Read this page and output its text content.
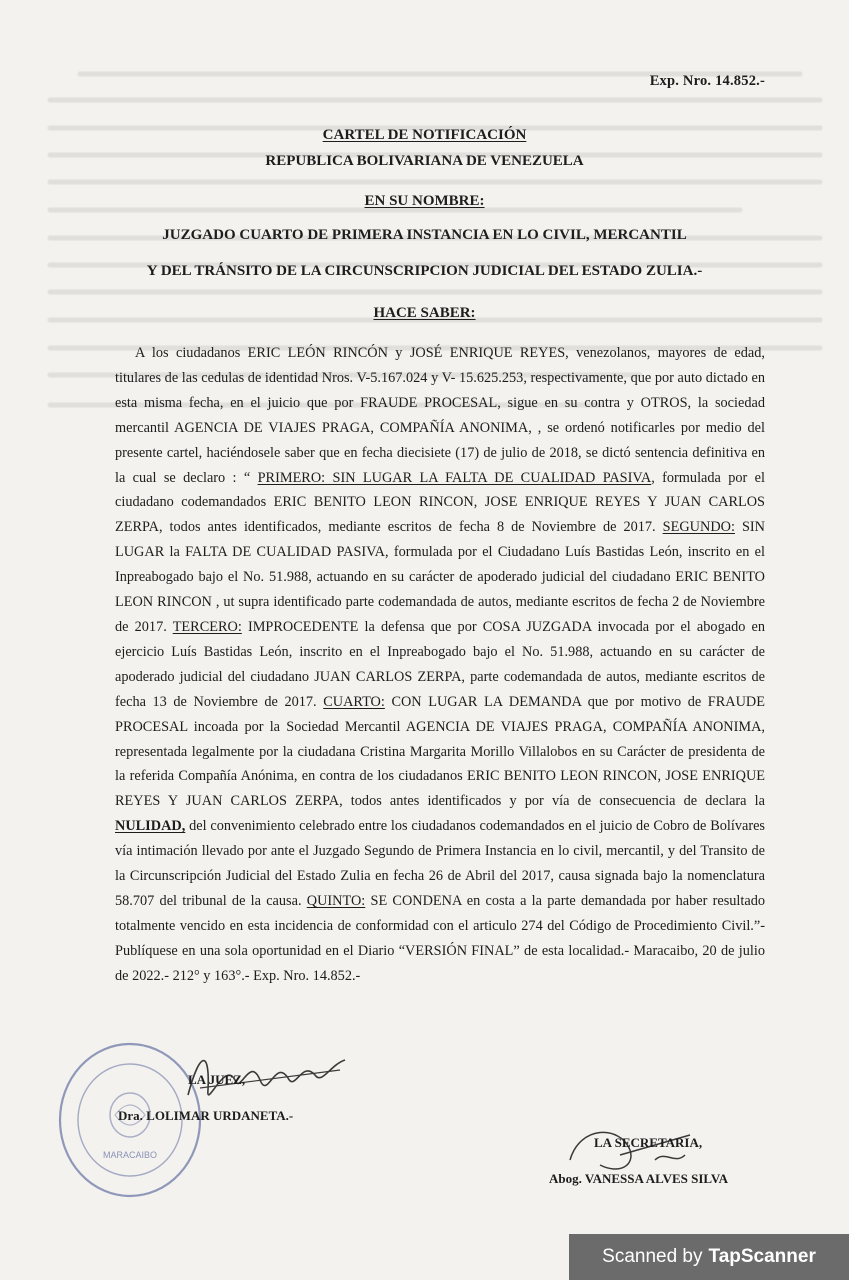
Exp. Nro. 14.852.-
CARTEL DE NOTIFICACIÓN
REPUBLICA BOLIVARIANA DE VENEZUELA
EN SU NOMBRE:
JUZGADO CUARTO DE PRIMERA INSTANCIA EN LO CIVIL, MERCANTIL
Y DEL TRÁNSITO DE LA CIRCUNSCRIPCION JUDICIAL DEL ESTADO ZULIA.-
HACE SABER:
A los ciudadanos ERIC LEÓN RINCÓN y JOSÉ ENRIQUE REYES, venezolanos, mayores de edad, titulares de las cedulas de identidad Nros. V-5.167.024 y V- 15.625.253, respectivamente, que por auto dictado en esta misma fecha, en el juicio que por FRAUDE PROCESAL, sigue en su contra y OTROS, la sociedad mercantil AGENCIA DE VIAJES PRAGA, COMPAÑÍA ANONIMA, , se ordenó notificarles por medio del presente cartel, haciéndosele saber que en fecha diecisiete (17) de julio de 2018, se dictó sentencia definitiva en la cual se declaro : “ PRIMERO: SIN LUGAR LA FALTA DE CUALIDAD PASIVA, formulada por el ciudadano codemandados ERIC BENITO LEON RINCON, JOSE ENRIQUE REYES Y JUAN CARLOS ZERPA, todos antes identificados, mediante escritos de fecha 8 de Noviembre de 2017. SEGUNDO: SIN LUGAR la FALTA DE CUALIDAD PASIVA, formulada por el Ciudadano Luís Bastidas León, inscrito en el Inpreabogado bajo el No. 51.988, actuando en su carácter de apoderado judicial del ciudadano ERIC BENITO LEON RINCON , ut supra identificado parte codemandada de autos, mediante escritos de fecha 2 de Noviembre de 2017. TERCERO: IMPROCEDENTE la defensa que por COSA JUZGADA invocada por el abogado en ejercicio Luís Bastidas León, inscrito en el Inpreabogado bajo el No. 51.988, actuando en su carácter de apoderado judicial del ciudadano JUAN CARLOS ZERPA, parte codemandada de autos, mediante escritos de fecha 13 de Noviembre de 2017. CUARTO: CON LUGAR LA DEMANDA que por motivo de FRAUDE PROCESAL incoada por la Sociedad Mercantil AGENCIA DE VIAJES PRAGA, COMPAÑÍA ANONIMA, representada legalmente por la ciudadana Cristina Margarita Morillo Villalobos en su Carácter de presidenta de la referida Compañía Anónima, en contra de los ciudadanos ERIC BENITO LEON RINCON, JOSE ENRIQUE REYES Y JUAN CARLOS ZERPA, todos antes identificados y por vía de consecuencia de declara la NULIDAD, del convenimiento celebrado entre los ciudadanos codemandados en el juicio de Cobro de Bolívares vía intimación llevado por ante el Juzgado Segundo de Primera Instancia en lo civil, mercantil, y del Transito de la Circunscripción Judicial del Estado Zulia en fecha 26 de Abril del 2017, causa signada bajo la nomenclatura 58.707 del tribunal de la causa. QUINTO: SE CONDENA en costa a la parte demandada por haber resultado totalmente vencido en esta incidencia de conformidad con el articulo 274 del Código de Procedimiento Civil.”- Publíquese en una sola oportunidad en el Diario “VERSIÓN FINAL” de esta localidad.- Maracaibo, 20 de julio de 2022.- 212° y 163°.- Exp. Nro. 14.852.-
MARACAIBO
LA JUEZ,
Dra. LOLIMAR URDANETA.-
LA SECRETARIA,
Abog. VANESSA ALVES SILVA
Scanned by TapScanner
